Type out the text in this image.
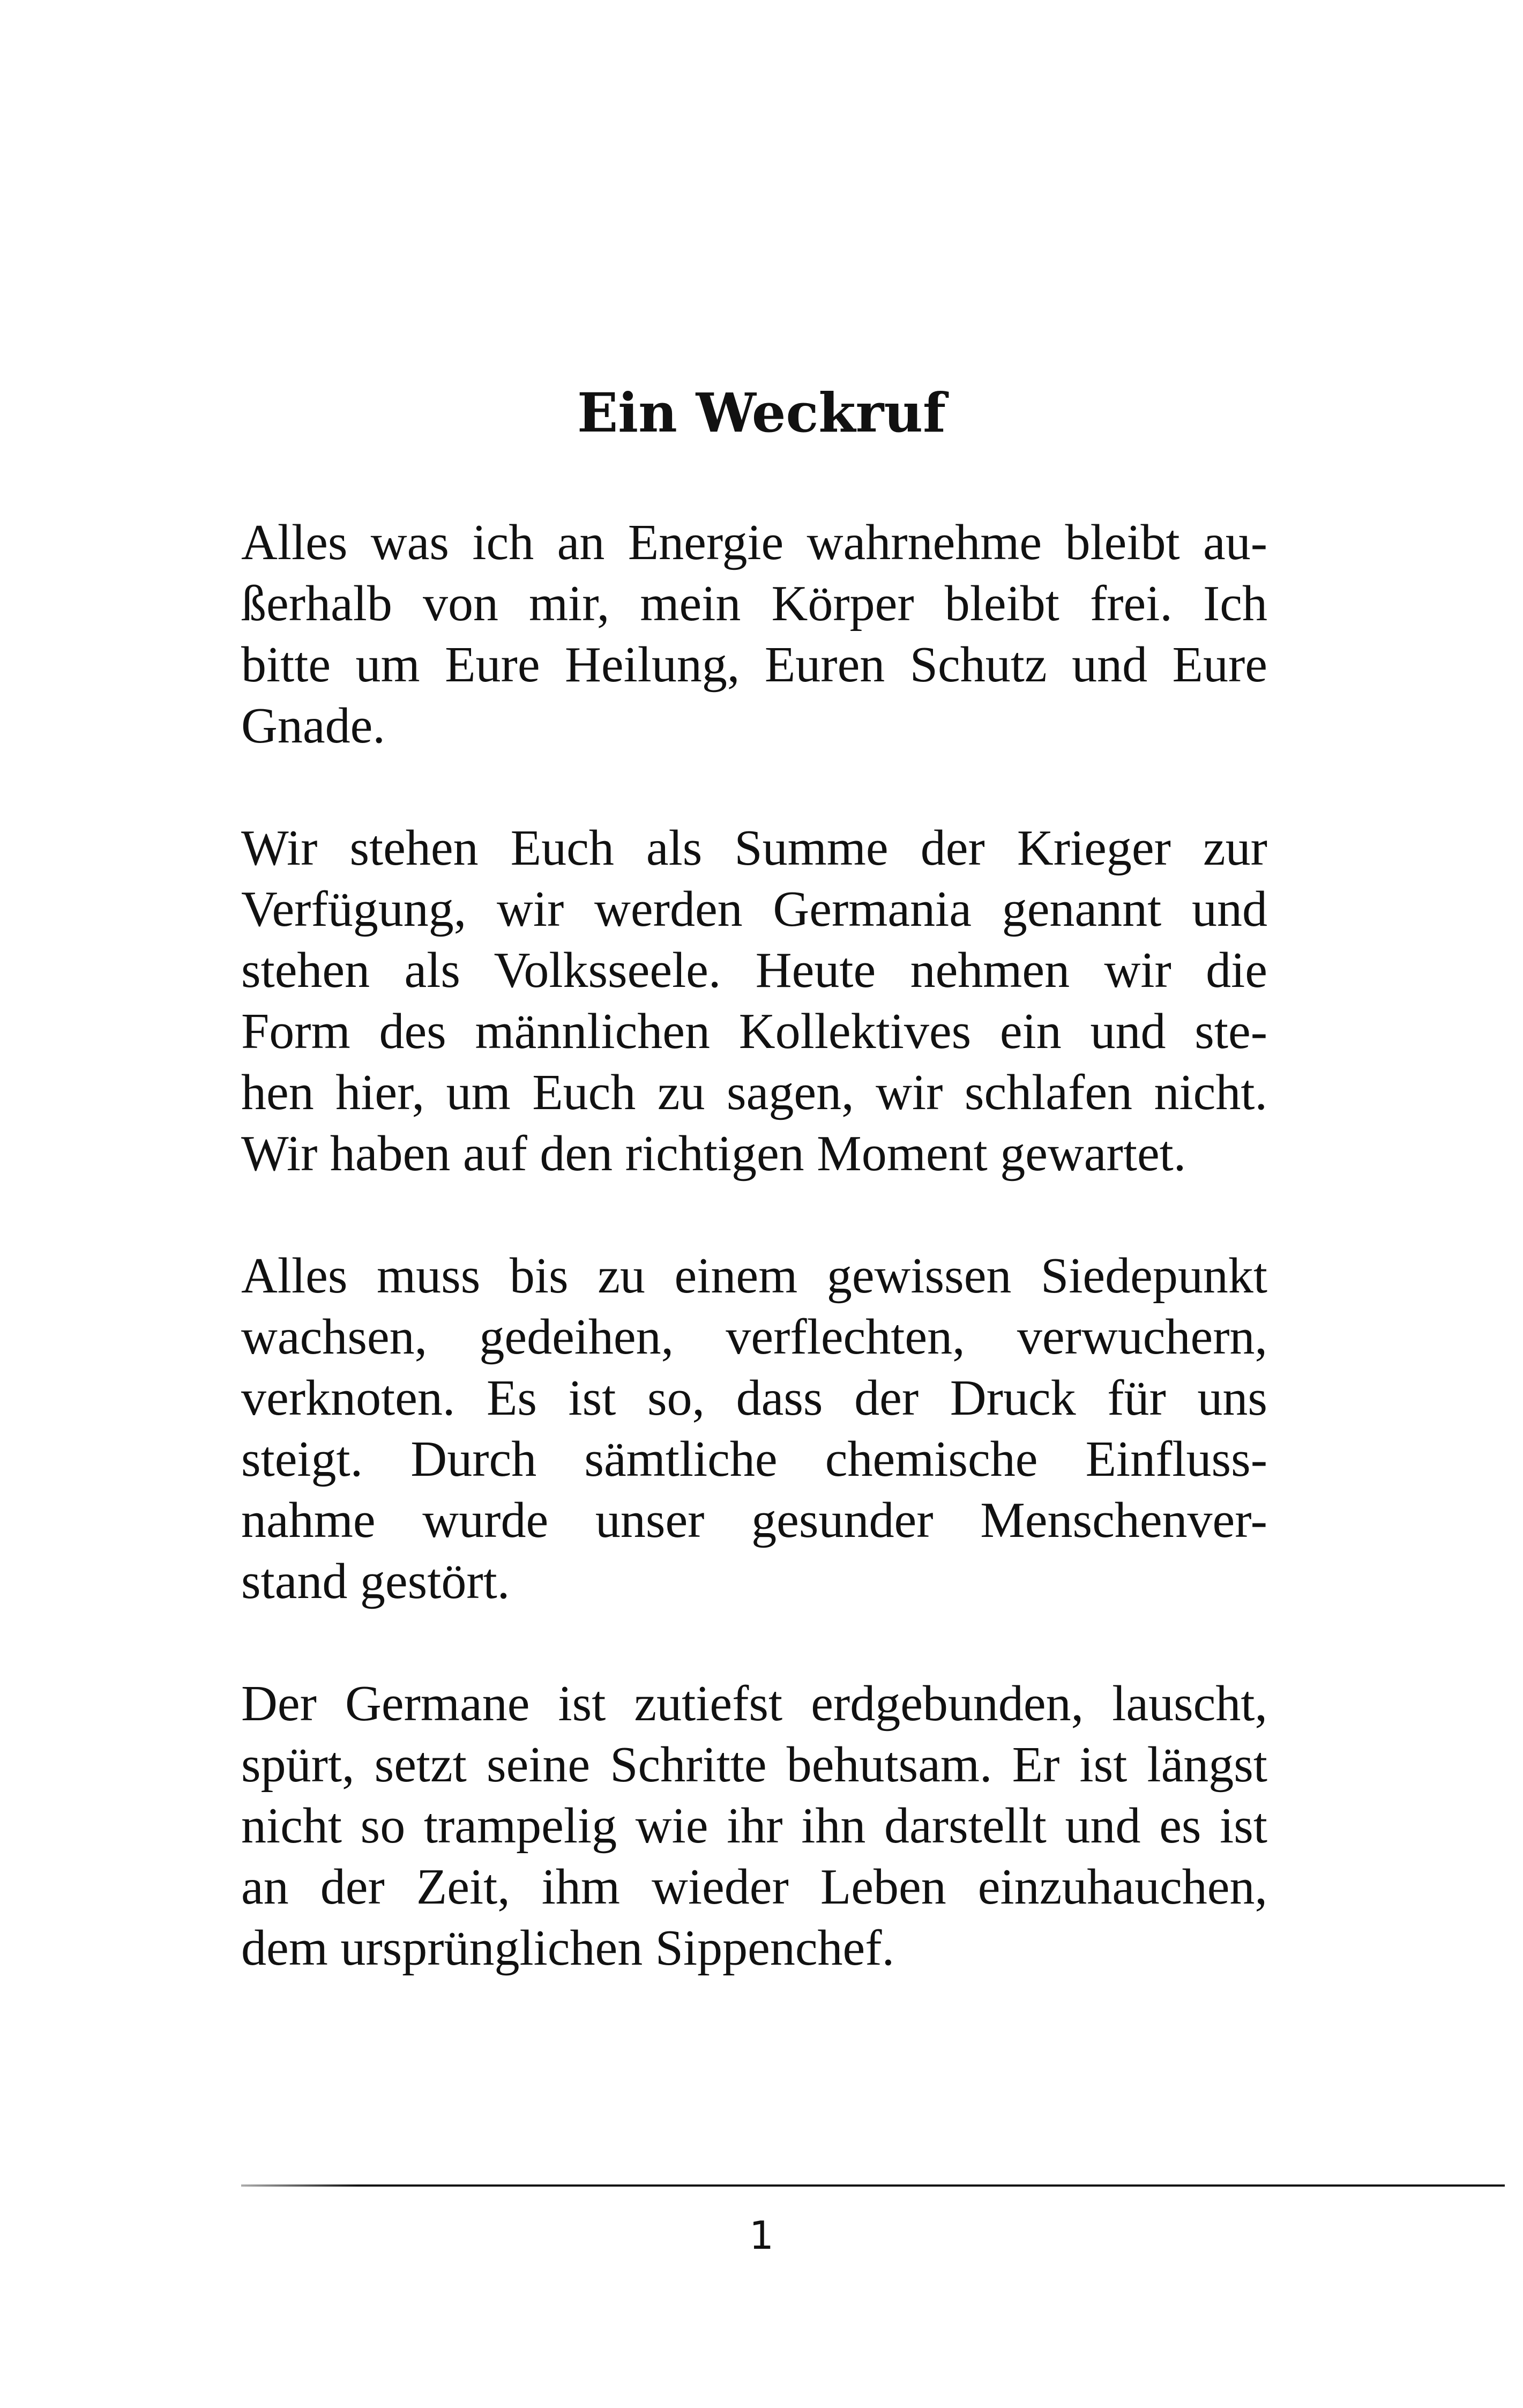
Ein Weckruf

Alles was ich an Energie wahrnehme bleibt au-
ßerhalb von mir, mein Körper bleibt frei. Ich
bitte um Eure Heilung, Euren Schutz und Eure
Gnade.

Wir stehen Euch als Summe der Krieger zur
Verfügung, wir werden Germania genannt und
stehen als Volksseele. Heute nehmen wir die
Form des männlichen Kollektives ein und ste-
hen hier, um Euch zu sagen, wir schlafen nicht.
Wir haben auf den richtigen Moment gewartet.

Alles muss bis zu einem gewissen Siedepunkt
wachsen, gedeihen, verflechten, verwuchern,
verknoten. Es ist so, dass der Druck für uns
steigt. Durch sämtliche chemische Einfluss-
nahme wurde unser gesunder Menschenver-
stand gestört.

Der Germane ist zutiefst erdgebunden, lauscht,
spürt, setzt seine Schritte behutsam. Er ist längst
nicht so trampelig wie ihr ihn darstellt und es ist
an der Zeit, ihm wieder Leben einzuhauchen,
dem ursprünglichen Sippenchef.

1
